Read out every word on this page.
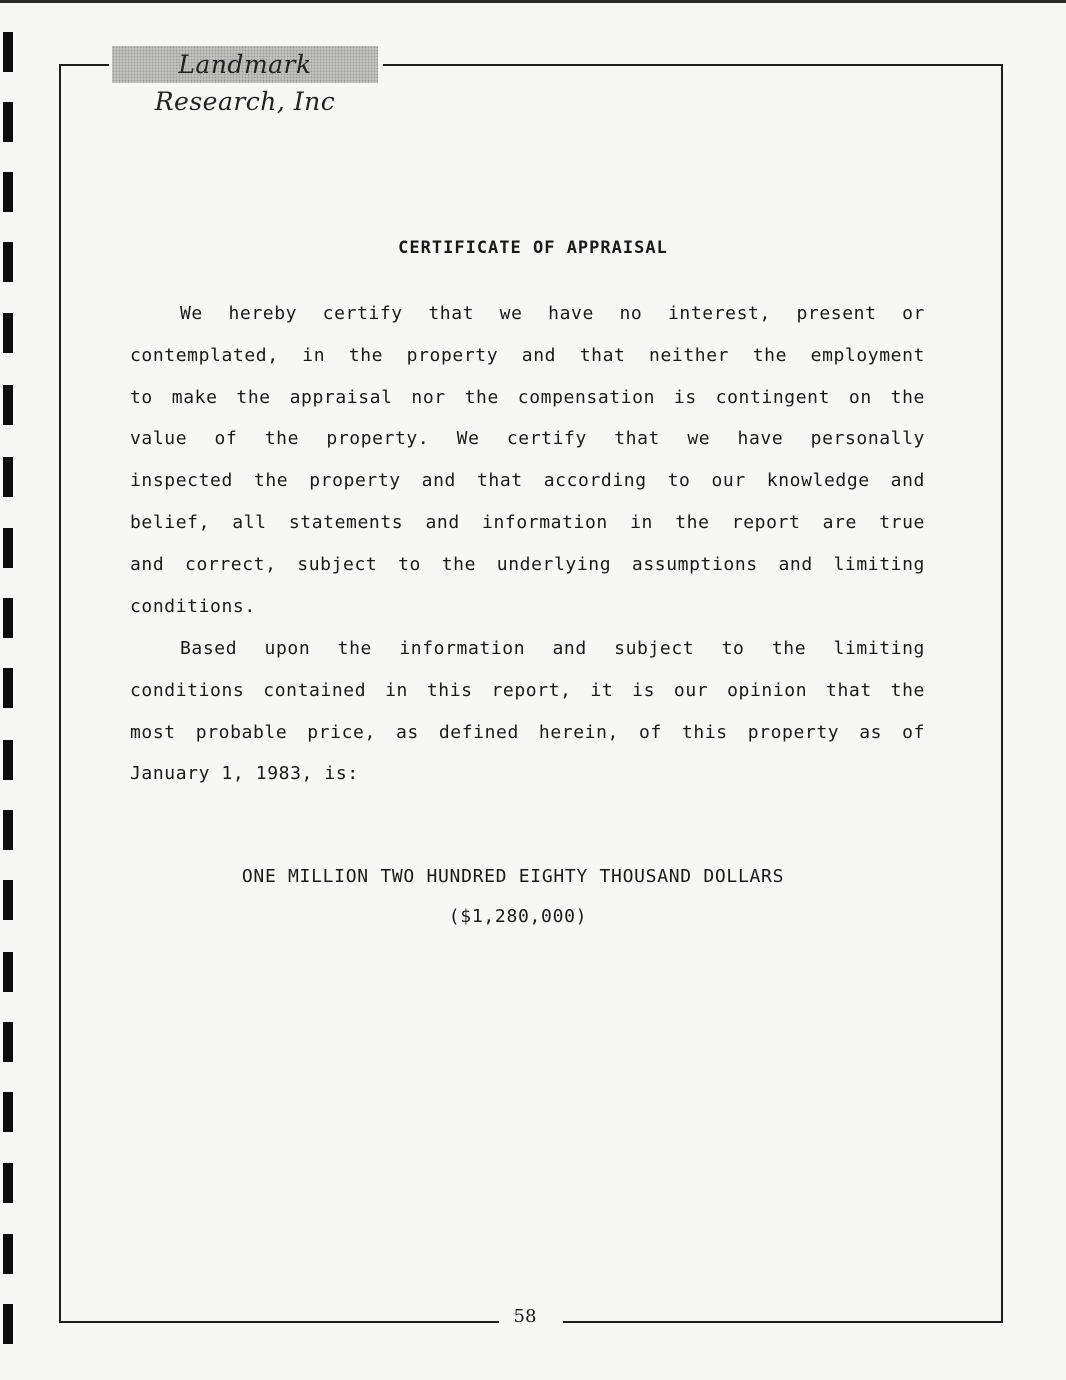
Landmark Research, Inc
CERTIFICATE OF APPRAISAL
We hereby certify that we have no interest, present or
contemplated, in the property and that neither the employment
to make the appraisal nor the compensation is contingent on the
value of the property. We certify that we have personally
inspected the property and that according to our knowledge and
belief, all statements and information in the report are true
and correct, subject to the underlying assumptions and limiting
conditions.
Based upon the information and subject to the limiting
conditions contained in this report, it is our opinion that the
most probable price, as defined herein, of this property as of
January 1, 1983, is:

ONE MILLION TWO HUNDRED EIGHTY THOUSAND DOLLARS

($1,280,000)

58
